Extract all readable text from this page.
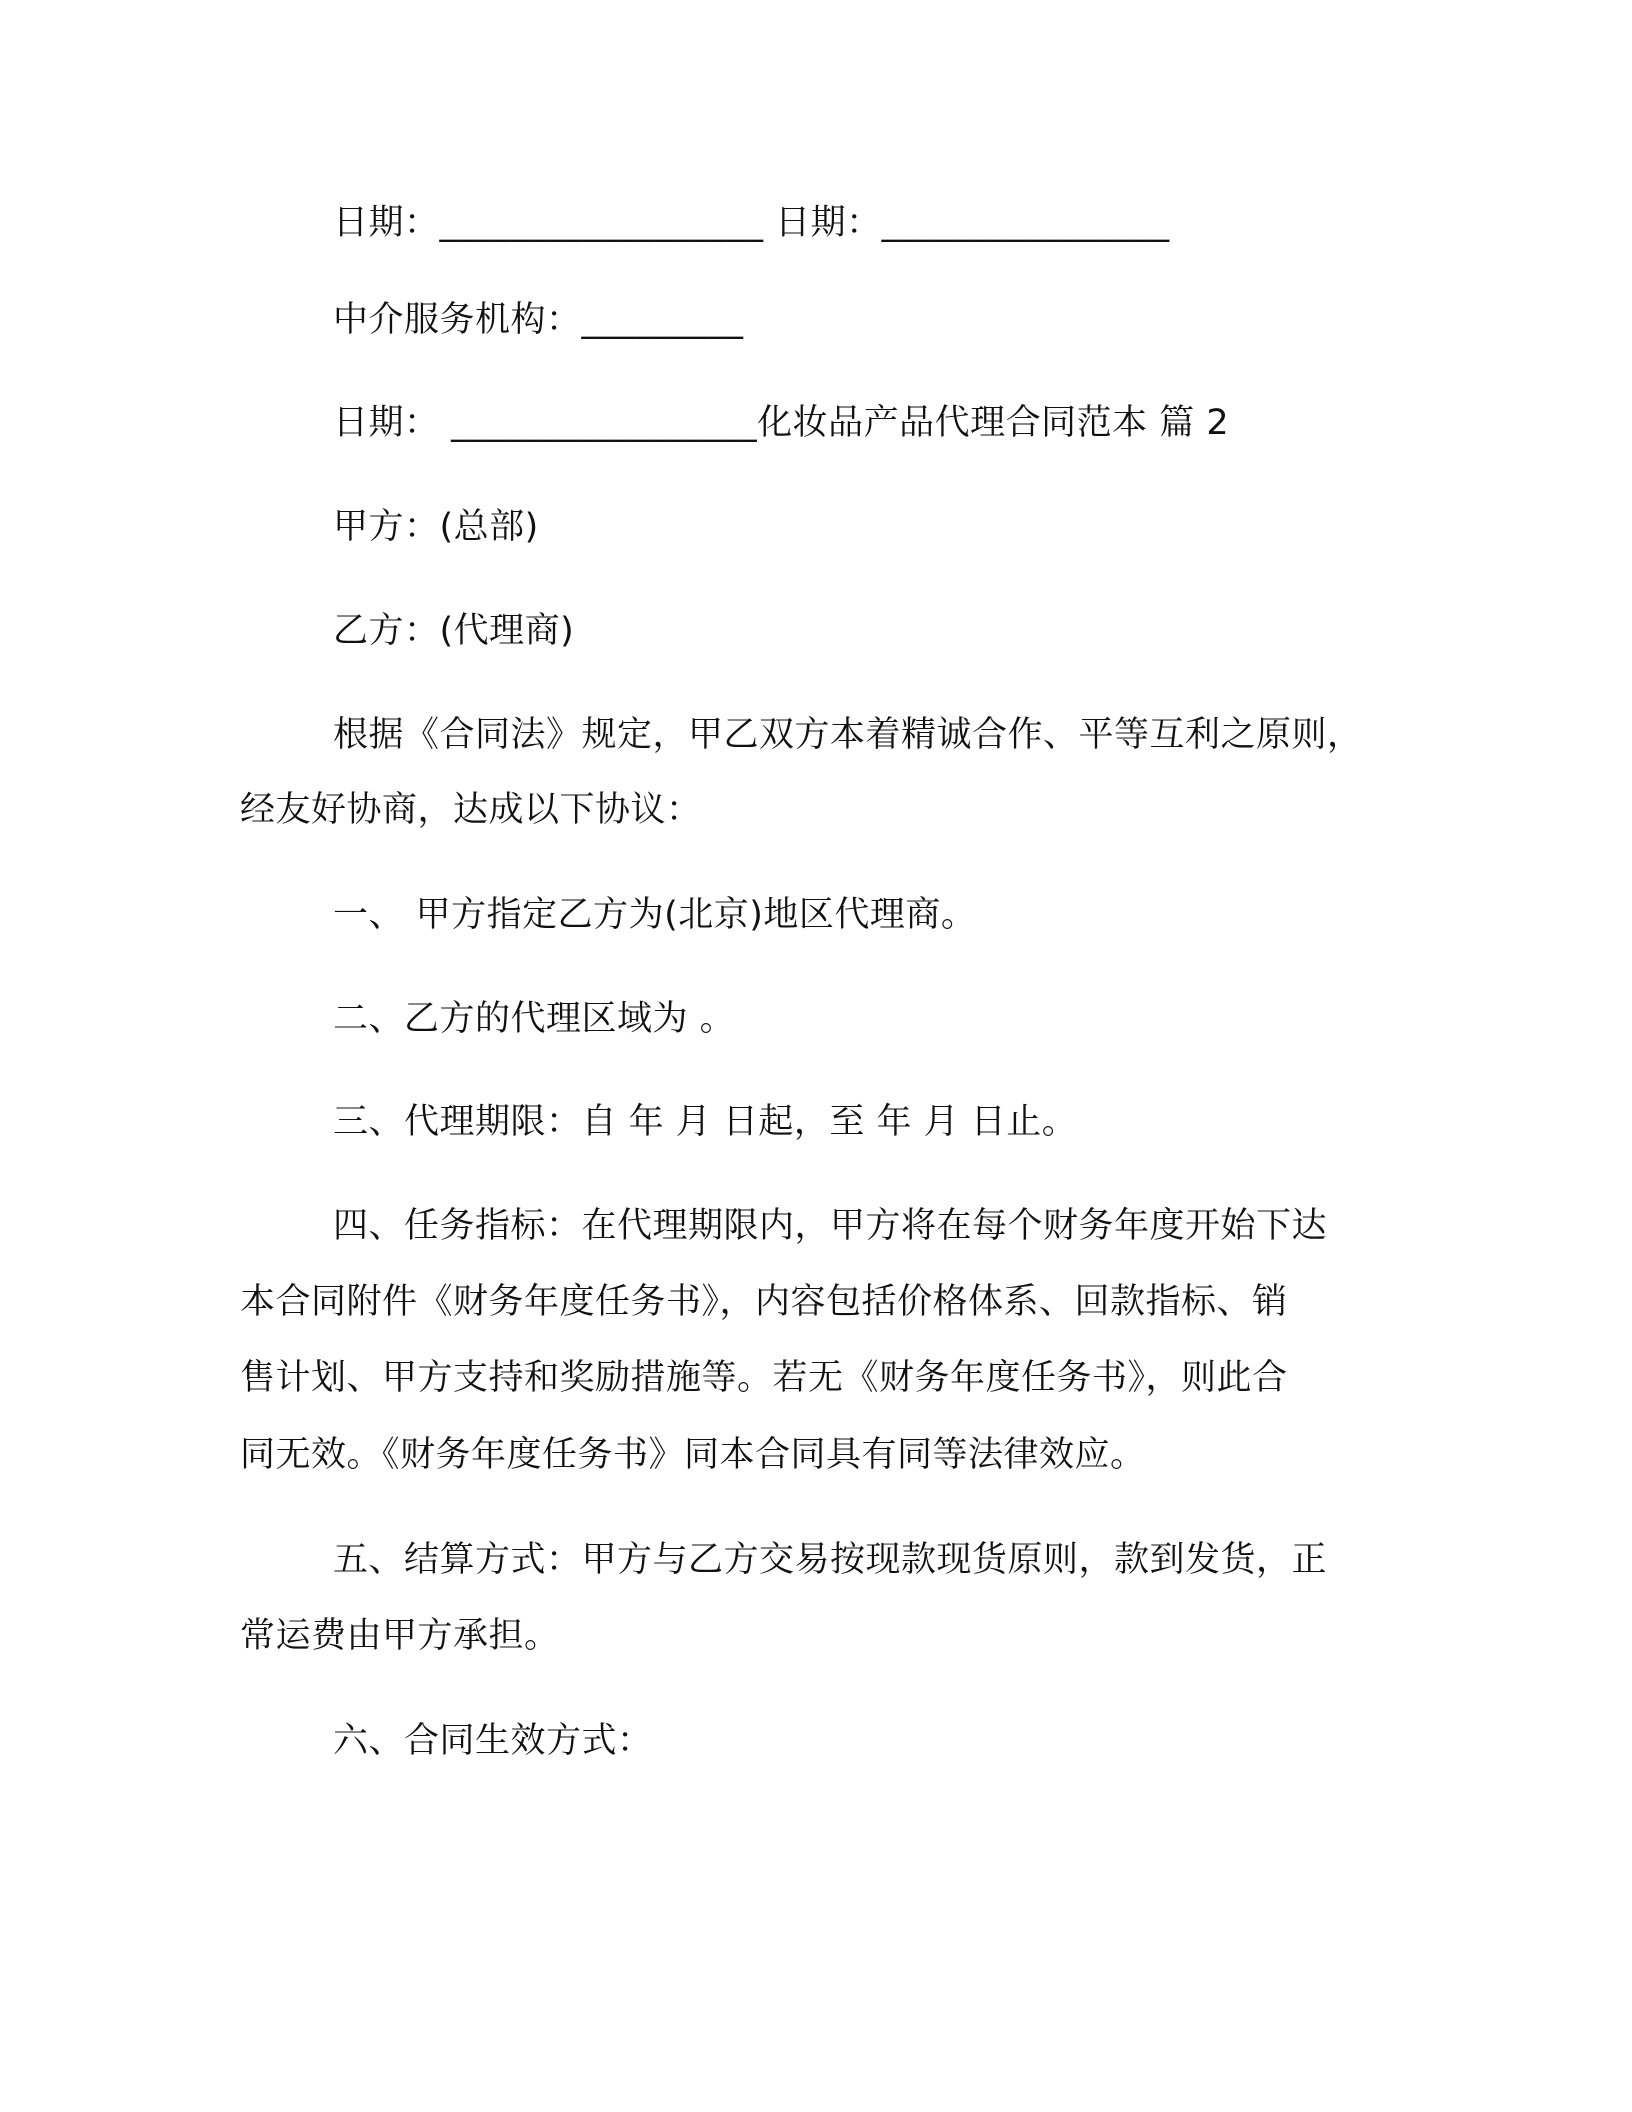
日期：__________________ 日期：________________
中介服务机构：_________
日期： _________________化妆品产品代理合同范本 篇 2
甲方：(总部)
乙方：(代理商)
根据《合同法》规定，甲乙双方本着精诚合作、平等互利之原则，
经友好协商，达成以下协议：
一、 甲方指定乙方为(北京)地区代理商。
二、乙方的代理区域为 。
三、代理期限：自 年 月 日起，至 年 月 日止。
四、任务指标：在代理期限内，甲方将在每个财务年度开始下达
本合同附件《财务年度任务书》，内容包括价格体系、回款指标、销
售计划、甲方支持和奖励措施等。若无《财务年度任务书》，则此合
同无效。《财务年度任务书》同本合同具有同等法律效应。
五、结算方式：甲方与乙方交易按现款现货原则，款到发货，正
常运费由甲方承担。
六、合同生效方式：
